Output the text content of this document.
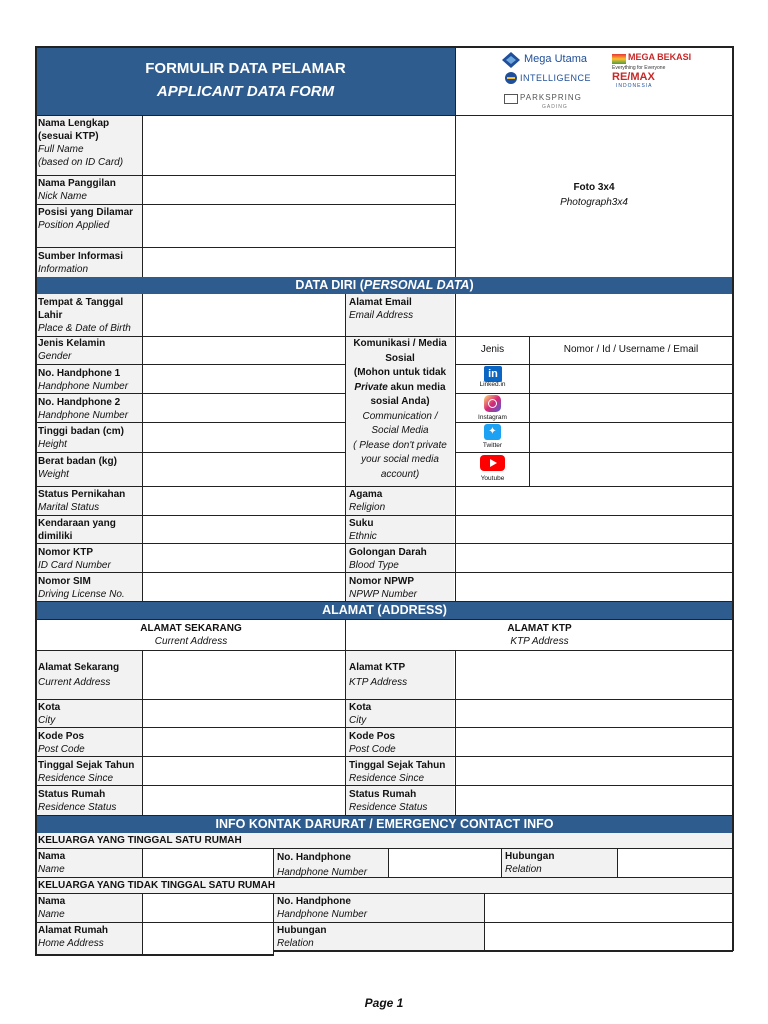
FORMULIR DATA PELAMAR
APPLICANT DATA FORM
Mega Utama	MEGA BEKASI
Everything for Everyone
INTELLIGENCE RE/MAX
INDONESIA
PARKSPRING
GADING
Nama Lengkap
(sesuai KTP)
Full Name
(based on ID Card)
Nama Panggilan
Nick Name
Posisi yang Dilamar
Position Applied
Sumber Informasi
Information
Foto 3x4
Photograph3x4
DATA DIRI (PERSONAL DATA)
Tempat & Tanggal
Lahir
Place & Date of Birth
Jenis Kelamin
Gender
No. Handphone 1
Handphone Number
No. Handphone 2
Handphone Number
Tinggi badan (cm)
Height
Berat badan (kg)
Weight
Status Pernikahan
Marital Status
Kendaraan yang
dimiliki
Nomor KTP
ID Card Number
Nomor SIM
Driving License No.
Alamat Email
Email Address
Komunikasi / Media
Sosial
(Mohon untuk tidak
Private akun media
sosial Anda)
Communication /
Social Media
( Please don't private
your social media
account)
Agama
Religion
Suku
Ethnic
Golongan Darah
Blood Type
Nomor NPWP
NPWP Number
Jenis	Nomor / Id / Username / Email
in
Linked.in
Instagram
✦
Twitter
Youtube
ALAMAT (ADDRESS)
ALAMAT SEKARANG
Current Address
ALAMAT KTP
KTP Address
Alamat Sekarang
Current Address
Kota
City
Kode Pos
Post Code
Tinggal Sejak Tahun
Residence Since
Status Rumah
Residence Status
Alamat KTP
KTP Address
Kota
City
Kode Pos
Post Code
Tinggal Sejak Tahun
Residence Since
Status Rumah
Residence Status
INFO KONTAK DARURAT / EMERGENCY CONTACT INFO
KELUARGA YANG TINGGAL SATU RUMAH
Nama
Name
No. Handphone
Handphone Number
Hubungan
Relation
KELUARGA YANG TIDAK TINGGAL SATU RUMAH
Nama
Name
Alamat Rumah
Home Address
No. Handphone
Handphone Number
Hubungan
Relation
Page 1
